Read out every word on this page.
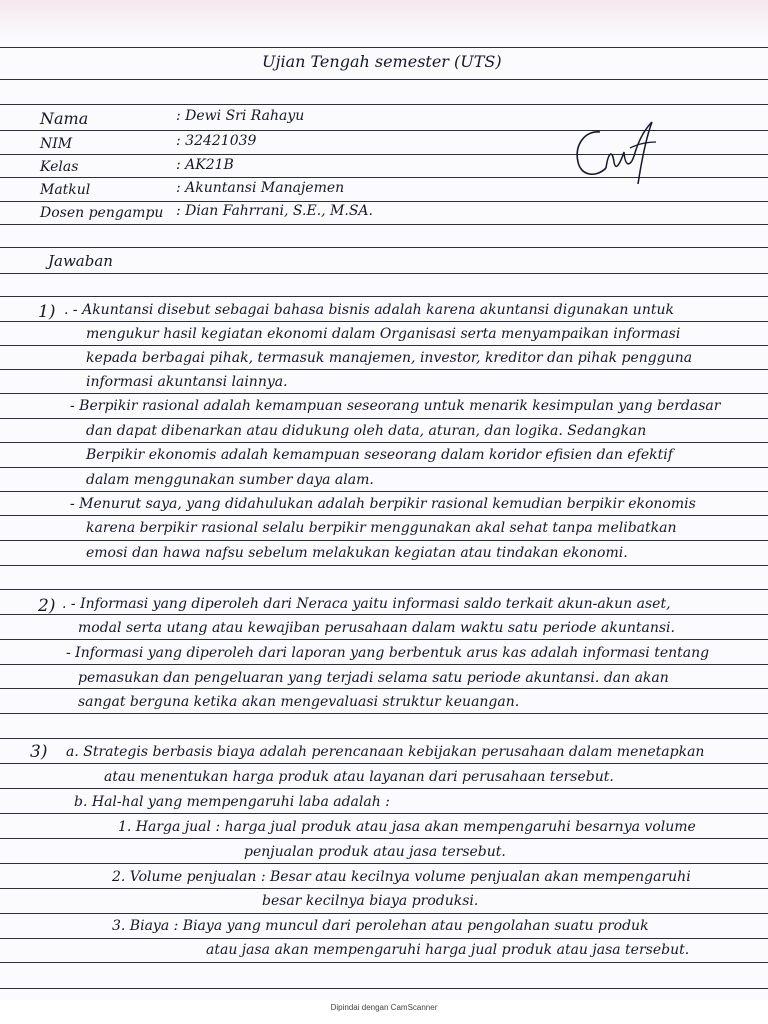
Ujian Tengah semester (UTS)
Nama
NIM
Kelas
Matkul
Dosen pengampu
: Dewi Sri Rahayu
: 32421039
: AK21B
: Akuntansi Manajemen
: Dian Fahrrani, S.E., M.SA.
Jawaban
1) . - Akuntansi disebut sebagai bahasa bisnis adalah karena akuntansi digunakan untuk
mengukur hasil kegiatan ekonomi dalam Organisasi serta menyampaikan informasi
kepada berbagai pihak, termasuk manajemen, investor, kreditor dan pihak pengguna
informasi akuntansi lainnya.
- Berpikir rasional adalah kemampuan seseorang untuk menarik kesimpulan yang berdasar
dan dapat dibenarkan atau didukung oleh data, aturan, dan logika. Sedangkan
Berpikir ekonomis adalah kemampuan seseorang dalam koridor efisien dan efektif
dalam menggunakan sumber daya alam.
- Menurut saya, yang didahulukan adalah berpikir rasional kemudian berpikir ekonomis
karena berpikir rasional selalu berpikir menggunakan akal sehat tanpa melibatkan
emosi dan hawa nafsu sebelum melakukan kegiatan atau tindakan ekonomi.
2) . - Informasi yang diperoleh dari Neraca yaitu informasi saldo terkait akun-akun aset,
modal serta utang atau kewajiban perusahaan dalam waktu satu periode akuntansi.
- Informasi yang diperoleh dari laporan yang berbentuk arus kas adalah informasi tentang
pemasukan dan pengeluaran yang terjadi selama satu periode akuntansi. dan akan
sangat berguna ketika akan mengevaluasi struktur keuangan.
3) a. Strategis berbasis biaya adalah perencanaan kebijakan perusahaan dalam menetapkan
atau menentukan harga produk atau layanan dari perusahaan tersebut.
b. Hal-hal yang mempengaruhi laba adalah :
1. Harga jual : harga jual produk atau jasa akan mempengaruhi besarnya volume
penjualan produk atau jasa tersebut.
2. Volume penjualan : Besar atau kecilnya volume penjualan akan mempengaruhi
besar kecilnya biaya produksi.
3. Biaya : Biaya yang muncul dari perolehan atau pengolahan suatu produk
atau jasa akan mempengaruhi harga jual produk atau jasa tersebut.
Dipindai dengan CamScanner
